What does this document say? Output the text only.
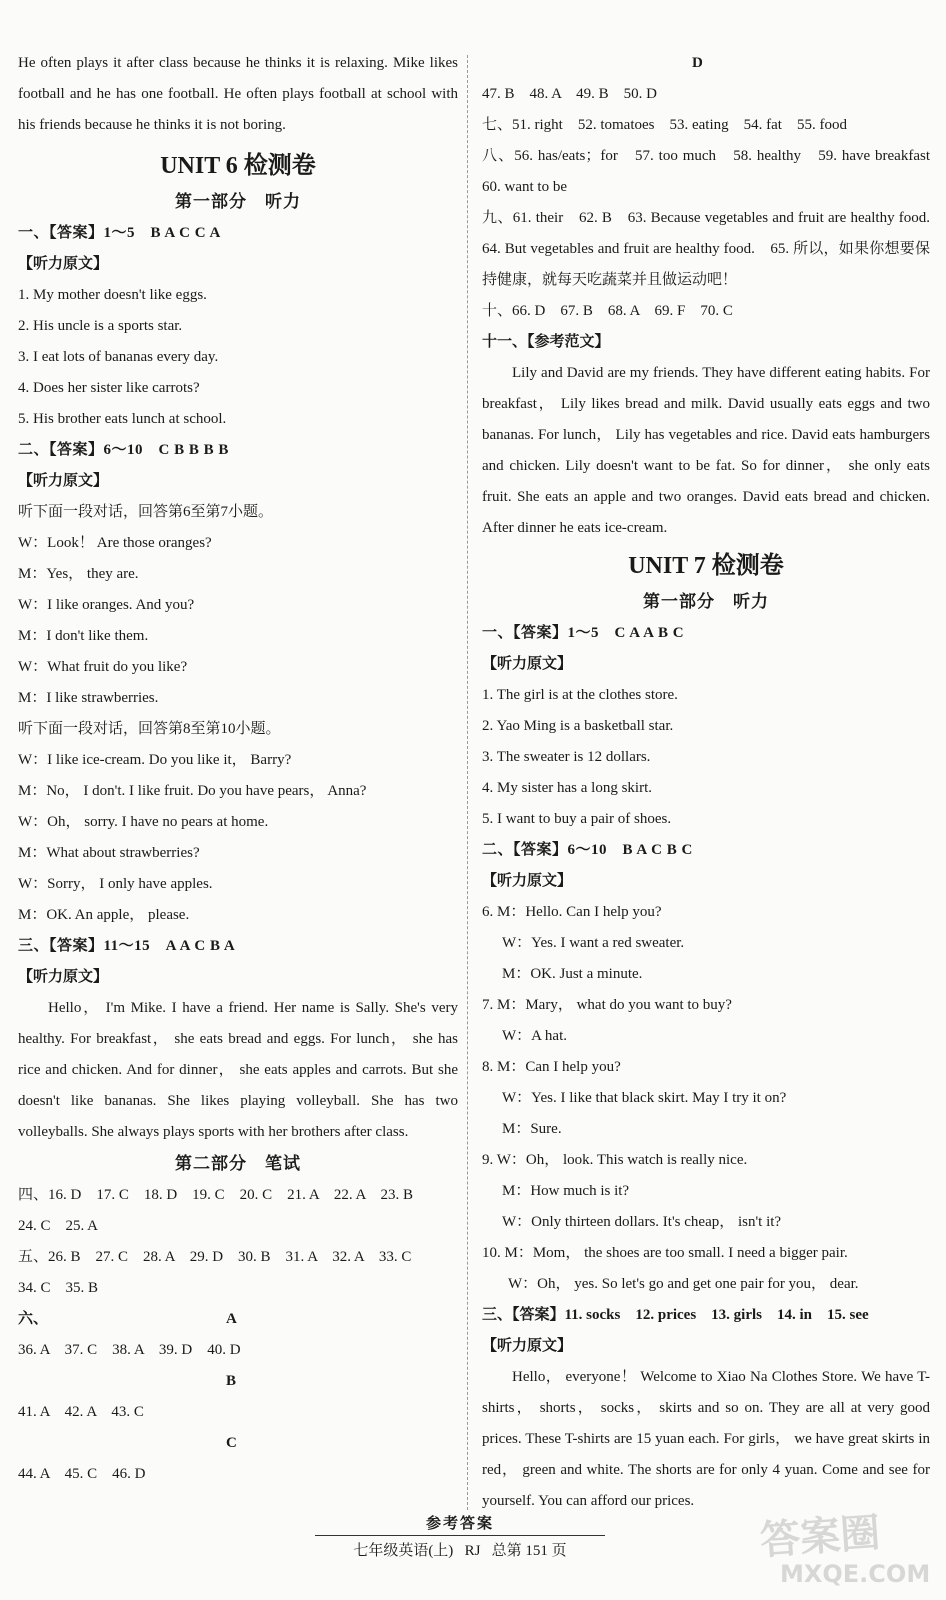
He often plays it after class because he thinks it is relaxing. Mike likes football and he has one football. He often plays football at school with his friends because he thinks it is not boring.
UNIT 6 检测卷
第一部分　听力
一、【答案】1～5　B A C C A
【听力原文】
1. My mother doesn't like eggs.
2. His uncle is a sports star.
3. I eat lots of bananas every day.
4. Does her sister like carrots?
5. His brother eats lunch at school.
二、【答案】6～10　C B B B B
【听力原文】
听下面一段对话，回答第6至第7小题。
W：Look！ Are those oranges?
M：Yes， they are.
W：I like oranges. And you?
M：I don't like them.
W：What fruit do you like?
M：I like strawberries.
听下面一段对话，回答第8至第10小题。
W：I like ice-cream. Do you like it， Barry?
M：No， I don't. I like fruit. Do you have pears， Anna?
W：Oh， sorry. I have no pears at home.
M：What about strawberries?
W：Sorry， I only have apples.
M：OK. An apple， please.
三、【答案】11～15　A A C B A
【听力原文】
Hello， I'm Mike. I have a friend. Her name is Sally. She's very healthy. For breakfast， she eats bread and eggs. For lunch， she has rice and chicken. And for dinner， she eats apples and carrots. But she doesn't like bananas. She likes playing volleyball. She has two volleyballs. She always plays sports with her brothers after class.
第二部分　笔试
四、16. D　17. C　18. D　19. C　20. C　21. A　22. A　23. B
24. C　25. A
五、26. B　27. C　28. A　29. D　30. B　31. A　32. A　33. C
34. C　35. B
六、	A
36. A　37. C　38. A　39. D　40. D
B
41. A　42. A　43. C
C
44. A　45. C　46. D
D
47. B　48. A　49. B　50. D
七、51. right　52. tomatoes　53. eating　54. fat　55. food
八、56. has/eats；for　57. too much　58. healthy　59. have breakfast　60. want to be
九、61. their　62. B　63. Because vegetables and fruit are healthy food.　64. But vegetables and fruit are healthy food.　65. 所以，如果你想要保持健康，就每天吃蔬菜并且做运动吧！
十、66. D　67. B　68. A　69. F　70. C
十一、【参考范文】
Lily and David are my friends. They have different eating habits. For breakfast， Lily likes bread and milk. David usually eats eggs and two bananas. For lunch， Lily has vegetables and rice. David eats hamburgers and chicken. Lily doesn't want to be fat. So for dinner， she only eats fruit. She eats an apple and two oranges. David eats bread and chicken. After dinner he eats ice-cream.
UNIT 7 检测卷
第一部分　听力
一、【答案】1～5　C A A B C
【听力原文】
1. The girl is at the clothes store.
2. Yao Ming is a basketball star.
3. The sweater is 12 dollars.
4. My sister has a long skirt.
5. I want to buy a pair of shoes.
二、【答案】6～10　B A C B C
【听力原文】
6. M：Hello. Can I help you?
W：Yes. I want a red sweater.
M：OK. Just a minute.
7. M：Mary， what do you want to buy?
W：A hat.
8. M：Can I help you?
W：Yes. I like that black skirt. May I try it on?
M：Sure.
9. W：Oh， look. This watch is really nice.
M：How much is it?
W：Only thirteen dollars. It's cheap， isn't it?
10. M：Mom， the shoes are too small. I need a bigger pair.
W：Oh， yes. So let's go and get one pair for you， dear.
三、【答案】11. socks　12. prices　13. girls　14. in　15. see
【听力原文】
Hello， everyone！ Welcome to Xiao Na Clothes Store. We have T-shirts， shorts， socks， skirts and so on. They are all at very good prices. These T-shirts are 15 yuan each. For girls， we have great skirts in red， green and white. The shorts are for only 4 yuan. Come and see for yourself. You can afford our prices.
参考答案
七年级英语(上) RJ 总第 151 页	答案圈
MXQE.COM
